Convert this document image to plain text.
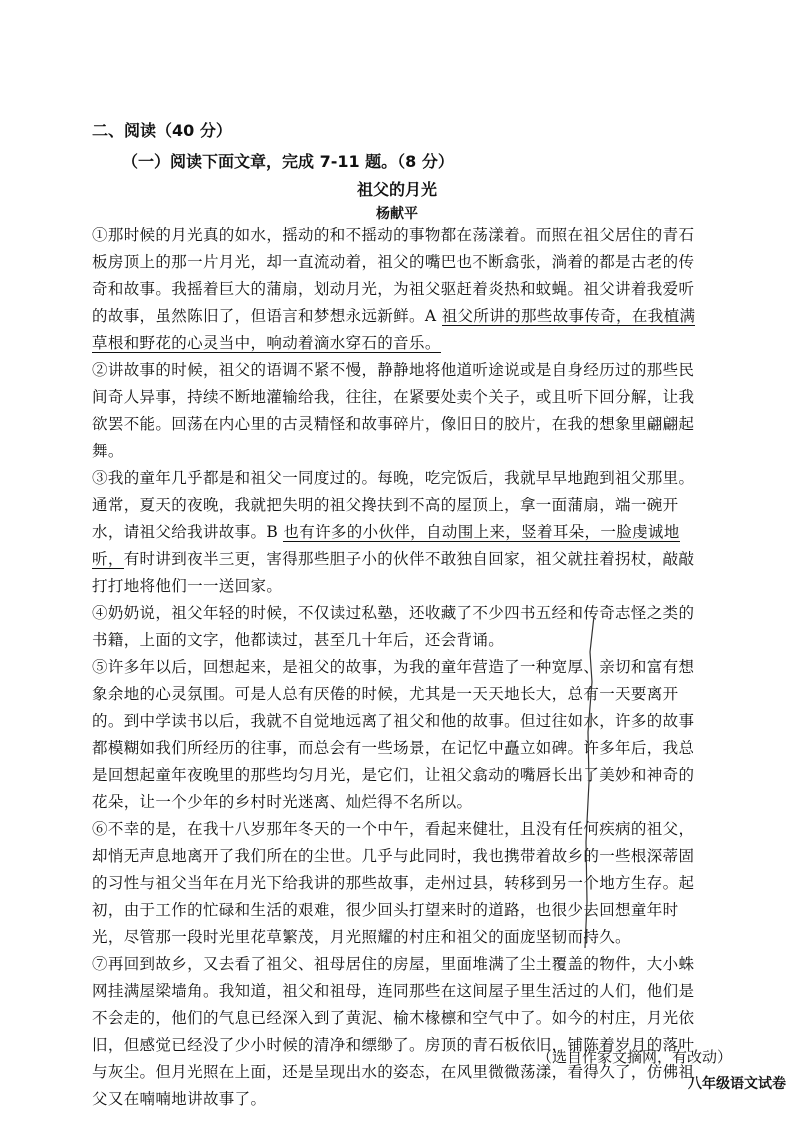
二、阅读（40 分）
（一）阅读下面文章，完成 7-11 题。（8 分）
祖父的月光
杨献平

①那时候的月光真的如水，摇动的和不摇动的事物都在荡漾着。而照在祖父居住的青石板房顶上的那一片月光，却一直流动着，祖父的嘴巴也不断翕张，淌着的都是古老的传奇和故事。我摇着巨大的蒲扇，划动月光，为祖父驱赶着炎热和蚊蝇。祖父讲着我爱听的故事，虽然陈旧了，但语言和梦想永远新鲜。A 祖父所讲的那些故事传奇，在我植满草根和野花的心灵当中，响动着滴水穿石的音乐。

②讲故事的时候，祖父的语调不紧不慢，静静地将他道听途说或是自身经历过的那些民间奇人异事，持续不断地灌输给我，往往，在紧要处卖个关子，或且听下回分解，让我欲罢不能。回荡在内心里的古灵精怪和故事碎片，像旧日的胶片，在我的想象里翩翩起舞。

③我的童年几乎都是和祖父一同度过的。每晚，吃完饭后，我就早早地跑到祖父那里。通常，夏天的夜晚，我就把失明的祖父搀扶到不高的屋顶上，拿一面蒲扇，端一碗开水，请祖父给我讲故事。B 也有许多的小伙伴，自动围上来，竖着耳朵，一脸虔诚地听，有时讲到夜半三更，害得那些胆子小的伙伴不敢独自回家，祖父就拄着拐杖，敲敲打打地将他们一一送回家。

④奶奶说，祖父年轻的时候，不仅读过私塾，还收藏了不少四书五经和传奇志怪之类的书籍，上面的文字，他都读过，甚至几十年后，还会背诵。

⑤许多年以后，回想起来，是祖父的故事，为我的童年营造了一种宽厚、亲切和富有想象余地的心灵氛围。可是人总有厌倦的时候，尤其是一天天地长大，总有一天要离开的。到中学读书以后，我就不自觉地远离了祖父和他的故事。但过往如水，许多的故事都模糊如我们所经历的往事，而总会有一些场景，在记忆中矗立如碑。许多年后，我总是回想起童年夜晚里的那些均匀月光，是它们，让祖父翕动的嘴唇长出了美妙和神奇的花朵，让一个少年的乡村时光迷离、灿烂得不名所以。

⑥不幸的是，在我十八岁那年冬天的一个中午，看起来健壮，且没有任何疾病的祖父，却悄无声息地离开了我们所在的尘世。几乎与此同时，我也携带着故乡的一些根深蒂固的习性与祖父当年在月光下给我讲的那些故事，走州过县，转移到另一个地方生存。起初，由于工作的忙碌和生活的艰难，很少回头打望来时的道路，也很少去回想童年时光，尽管那一段时光里花草繁茂，月光照耀的村庄和祖父的面庞坚韧而持久。

⑦再回到故乡，又去看了祖父、祖母居住的房屋，里面堆满了尘土覆盖的物件，大小蛛网挂满屋梁墙角。我知道，祖父和祖母，连同那些在这间屋子里生活过的人们，他们是不会走的，他们的气息已经深入到了黄泥、榆木椽檩和空气中了。如今的村庄，月光依旧，但感觉已经没了少小时候的清净和缥缈了。房顶的青石板依旧，铺陈着岁月的落叶与灰尘。但月光照在上面，还是呈现出水的姿态，在风里微微荡漾，看得久了，仿佛祖父又在喃喃地讲故事了。

（选自作家文摘网，有改动）
八年级语文试卷
